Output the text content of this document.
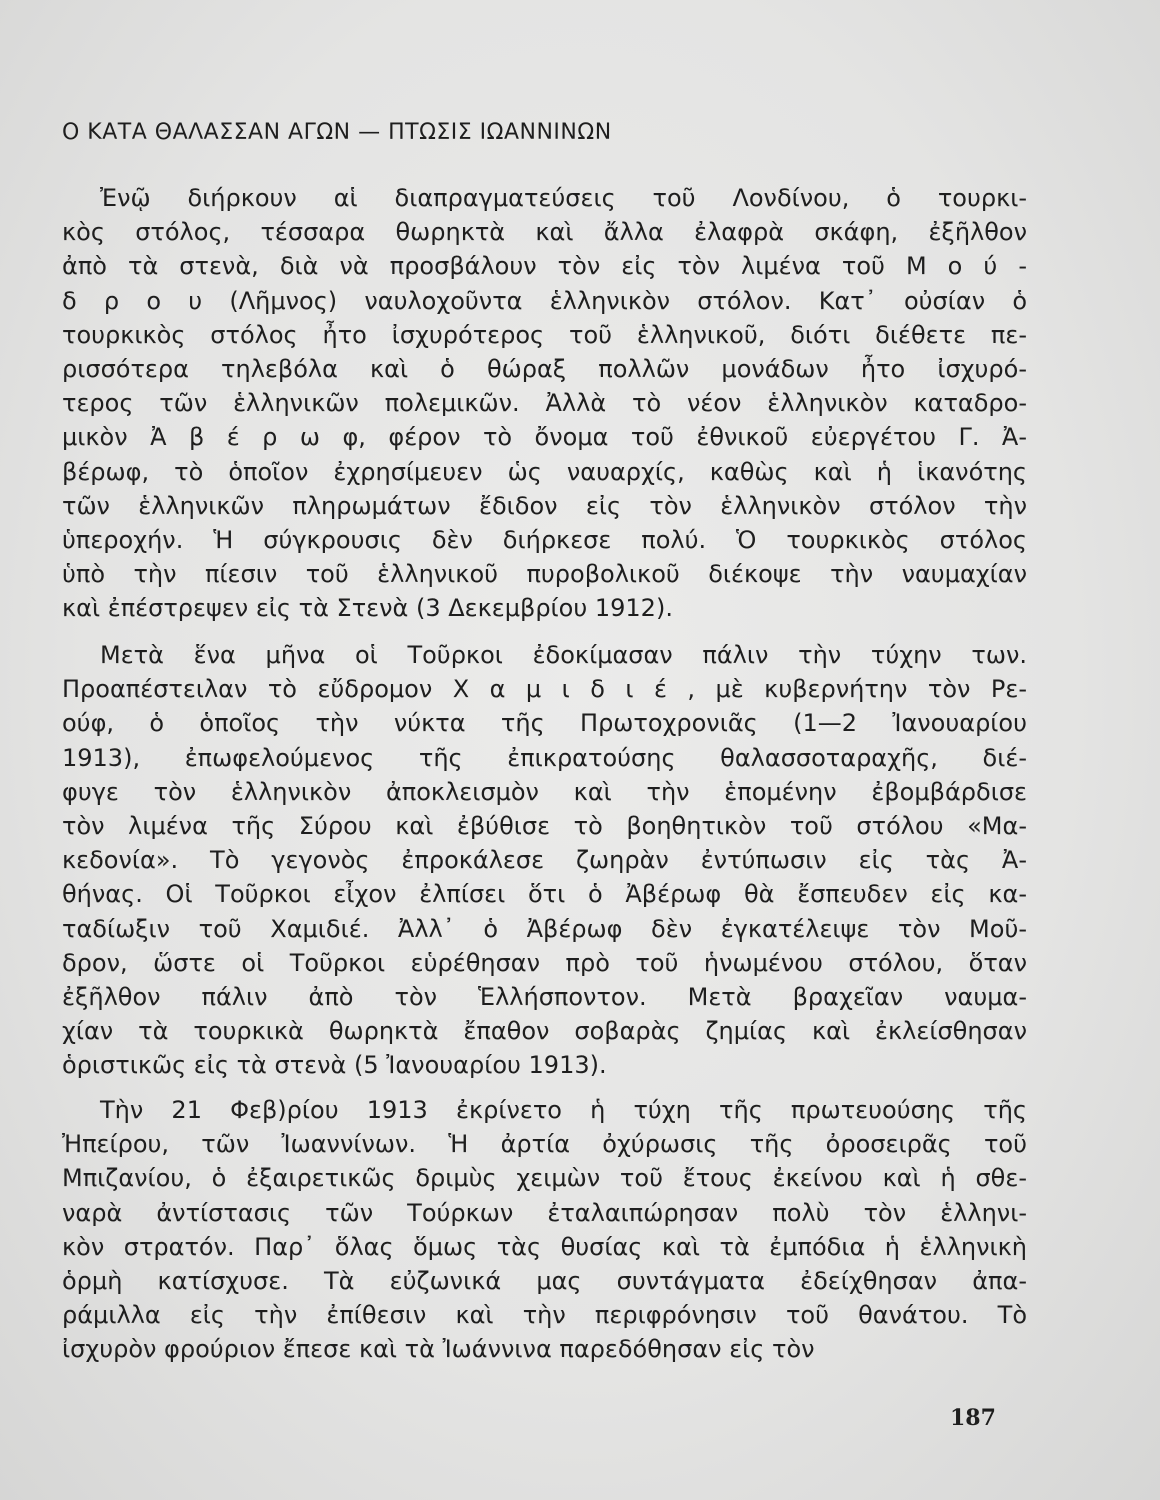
Ο ΚΑΤΑ ΘΑΛΑΣΣΑΝ ΑΓΩΝ — ΠΤΩΣΙΣ ΙΩΑΝΝΙΝΩΝ
Ἐνῷ διήρκουν αἱ διαπραγματεύσεις τοῦ Λονδίνου, ὁ τουρκι-
κὸς στόλος, τέσσαρα θωρηκτὰ καὶ ἄλλα ἐλαφρὰ σκάφη, ἐξῆλθον
ἀπὸ τὰ στενὰ, διὰ νὰ προσβάλουν τὸν εἰς τὸν λιμένα τοῦ Μ ο ύ -
δ ρ ο υ (Λῆμνος) ναυλοχοῦντα ἑλληνικὸν στόλον. Κατ᾿ οὐσίαν ὁ
τουρκικὸς στόλος ἦτο ἰσχυρότερος τοῦ ἑλληνικοῦ, διότι διέθετε πε-
ρισσότερα τηλεβόλα καὶ ὁ θώραξ πολλῶν μονάδων ἦτο ἰσχυρό-
τερος τῶν ἑλληνικῶν πολεμικῶν. Ἀλλὰ τὸ νέον ἑλληνικὸν καταδρο-
μικὸν Ἀ β έ ρ ω φ, φέρον τὸ ὄνομα τοῦ ἐθνικοῦ εὐεργέτου Γ. Ἀ-
βέρωφ, τὸ ὁποῖον ἐχρησίμευεν ὡς ναυαρχίς, καθὼς καὶ ἡ ἱκανότης
τῶν ἑλληνικῶν πληρωμάτων ἔδιδον εἰς τὸν ἑλληνικὸν στόλον τὴν
ὑπεροχήν. Ἡ σύγκρουσις δὲν διήρκεσε πολύ. Ὁ τουρκικὸς στόλος
ὑπὸ τὴν πίεσιν τοῦ ἑλληνικοῦ πυροβολικοῦ διέκοψε τὴν ναυμαχίαν
καὶ ἐπέστρεψεν εἰς τὰ Στενὰ (3 Δεκεμβρίου 1912).
Μετὰ ἕνα μῆνα οἱ Τοῦρκοι ἐδοκίμασαν πάλιν τὴν τύχην των.
Προαπέστειλαν τὸ εὔδρομον Χ α μ ι δ ι έ , μὲ κυβερνήτην τὸν Ρε-
ούφ, ὁ ὁποῖος τὴν νύκτα τῆς Πρωτοχρονιᾶς (1—2 Ἰανουαρίου
1913), ἐπωφελούμενος τῆς ἐπικρατούσης θαλασσοταραχῆς, διέ-
φυγε τὸν ἑλληνικὸν ἀποκλεισμὸν καὶ τὴν ἑπομένην ἐβομβάρδισε
τὸν λιμένα τῆς Σύρου καὶ ἐβύθισε τὸ βοηθητικὸν τοῦ στόλου «Μα-
κεδονία». Τὸ γεγονὸς ἐπροκάλεσε ζωηρὰν ἐντύπωσιν εἰς τὰς Ἀ-
θήνας. Οἱ Τοῦρκοι εἶχον ἐλπίσει ὅτι ὁ Ἀβέρωφ θὰ ἔσπευδεν εἰς κα-
ταδίωξιν τοῦ Χαμιδιέ. Ἀλλ᾿ ὁ Ἀβέρωφ δὲν ἐγκατέλειψε τὸν Μοῦ-
δρον, ὥστε οἱ Τοῦρκοι εὑρέθησαν πρὸ τοῦ ἡνωμένου στόλου, ὅταν
ἐξῆλθον πάλιν ἀπὸ τὸν Ἑλλήσποντον. Μετὰ βραχεῖαν ναυμα-
χίαν τὰ τουρκικὰ θωρηκτὰ ἔπαθον σοβαρὰς ζημίας καὶ ἐκλείσθησαν
ὁριστικῶς εἰς τὰ στενὰ (5 Ἰανουαρίου 1913).
Τὴν 21 Φεβ)ρίου 1913 ἐκρίνετο ἡ τύχη τῆς πρωτευούσης τῆς
Ἠπείρου, τῶν Ἰωαννίνων. Ἡ ἀρτία ὀχύρωσις τῆς ὀροσειρᾶς τοῦ
Μπιζανίου, ὁ ἐξαιρετικῶς δριμὺς χειμὼν τοῦ ἔτους ἐκείνου καὶ ἡ σθε-
ναρὰ ἀντίστασις τῶν Τούρκων ἐταλαιπώρησαν πολὺ τὸν ἑλληνι-
κὸν στρατόν. Παρ᾿ ὅλας ὅμως τὰς θυσίας καὶ τὰ ἐμπόδια ἡ ἑλληνικὴ
ὁρμὴ κατίσχυσε. Τὰ εὐζωνικά μας συντάγματα ἐδείχθησαν ἀπα-
ράμιλλα εἰς τὴν ἐπίθεσιν καὶ τὴν περιφρόνησιν τοῦ θανάτου. Τὸ
ἰσχυρὸν φρούριον ἔπεσε καὶ τὰ Ἰωάννινα παρεδόθησαν εἰς τὸν
187
